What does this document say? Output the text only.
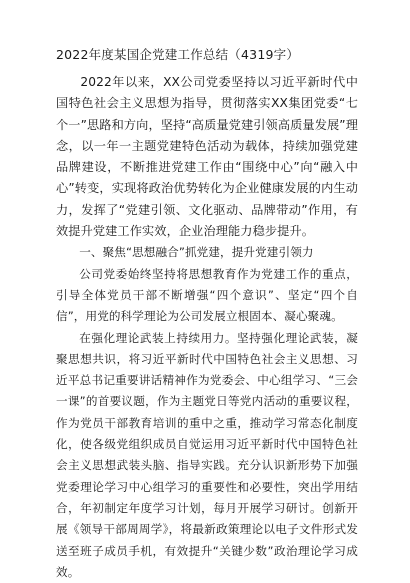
2022年度某国企党建工作总结（4319字）

2022年以来，XX公司党委坚持以习近平新时代中国特色社会主义思想为指导，贯彻落实XX集团党委“七个一”思路和方向，坚持“高质量党建引领高质量发展”理念，以一年一主题党建特色活动为载体，持续加强党建品牌建设，不断推进党建工作由“围绕中心”向“融入中心”转变，实现将政治优势转化为企业健康发展的内生动力，发挥了“党建引领、文化驱动、品牌带动”作用，有效提升党建工作实效，企业治理能力稳步提升。

一、聚焦“思想融合”抓党建，提升党建引领力

公司党委始终坚持将思想教育作为党建工作的重点，引导全体党员干部不断增强“四个意识”、坚定“四个自信”，用党的科学理论为公司发展立根固本、凝心聚魂。

在强化理论武装上持续用力。坚持强化理论武装，凝聚思想共识，将习近平新时代中国特色社会主义思想、习近平总书记重要讲话精神作为党委会、中心组学习、“三会一课”的首要议题，作为主题党日等党内活动的重要议程，作为党员干部教育培训的重中之重，推动学习常态化制度化，使各级党组织成员自觉运用习近平新时代中国特色社会主义思想武装头脑、指导实践。充分认识新形势下加强党委理论学习中心组学习的重要性和必要性，突出学用结合，年初制定年度学习计划，每月开展学习研讨。创新开展《领导干部周周学》，将最新政策理论以电子文件形式发送至班子成员手机，有效提升“关键少数”政治理论学习成效。
